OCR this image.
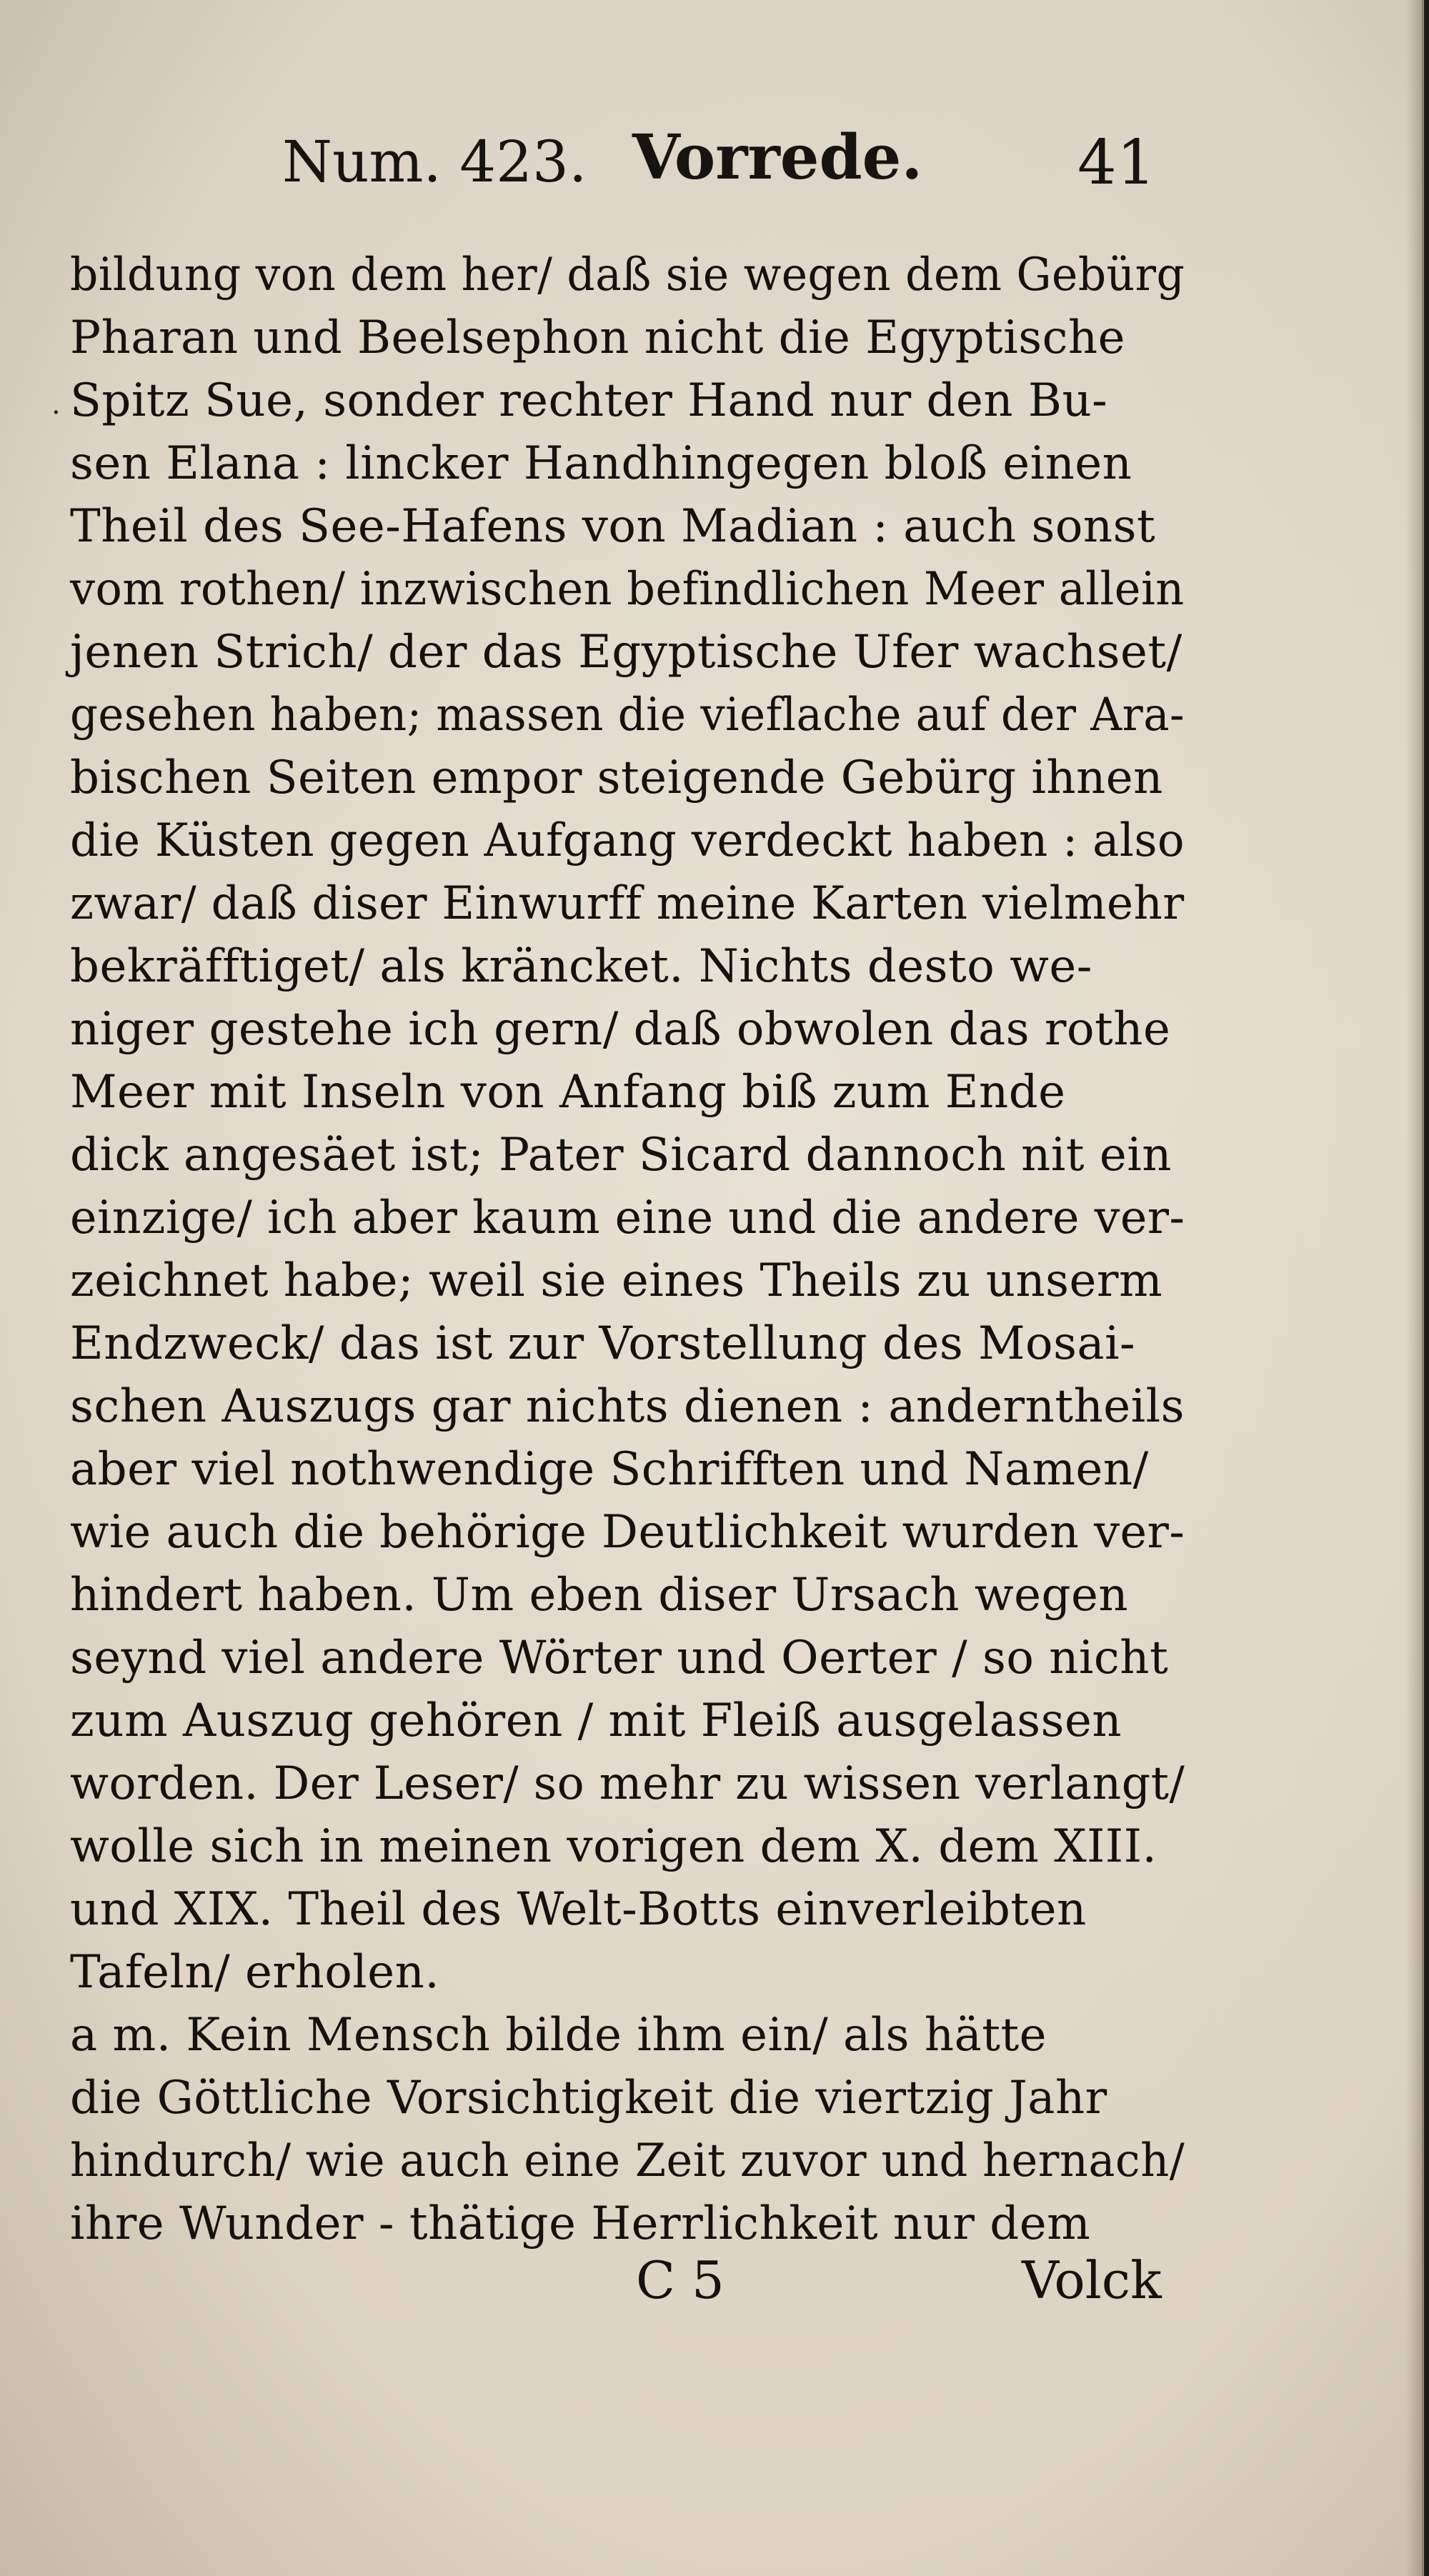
Num. 423. Vorrede.	41
·
bildung von dem her/ daß sie wegen dem Gebürg
Pharan und Beelsephon nicht die Egyptische
Spitz Sue, sonder rechter Hand nur den Bu-
sen Elana : lincker Handhingegen bloß einen
Theil des See-Hafens von Madian : auch sonst
vom rothen/ inzwischen befindlichen Meer allein
jenen Strich/ der das Egyptische Ufer wachset/
gesehen haben; massen die vieflache auf der Ara-
bischen Seiten empor steigende Gebürg ihnen
die Küsten gegen Aufgang verdeckt haben : also
zwar/ daß diser Einwurff meine Karten vielmehr
bekräfftiget/ als kräncket. Nichts desto we-
niger gestehe ich gern/ daß obwolen das rothe
Meer mit Inseln von Anfang biß zum Ende
dick angesäet ist; Pater Sicard dannoch nit ein
einzige/ ich aber kaum eine und die andere ver-
zeichnet habe; weil sie eines Theils zu unserm
Endzweck/ das ist zur Vorstellung des Mosai-
schen Auszugs gar nichts dienen : anderntheils
aber viel nothwendige Schrifften und Namen/
wie auch die behörige Deutlichkeit wurden ver-
hindert haben. Um eben diser Ursach wegen
seynd viel andere Wörter und Oerter / so nicht
zum Auszug gehören / mit Fleiß ausgelassen
worden. Der Leser/ so mehr zu wissen verlangt/
wolle sich in meinen vorigen dem X. dem XIII.
und XIX. Theil des Welt-Botts einverleibten
Tafeln/ erholen.
a m. Kein Mensch bilde ihm ein/ als hätte
die Göttliche Vorsichtigkeit die viertzig Jahr
hindurch/ wie auch eine Zeit zuvor und hernach/
ihre Wunder - thätige Herrlichkeit nur dem
C 5	Volck
